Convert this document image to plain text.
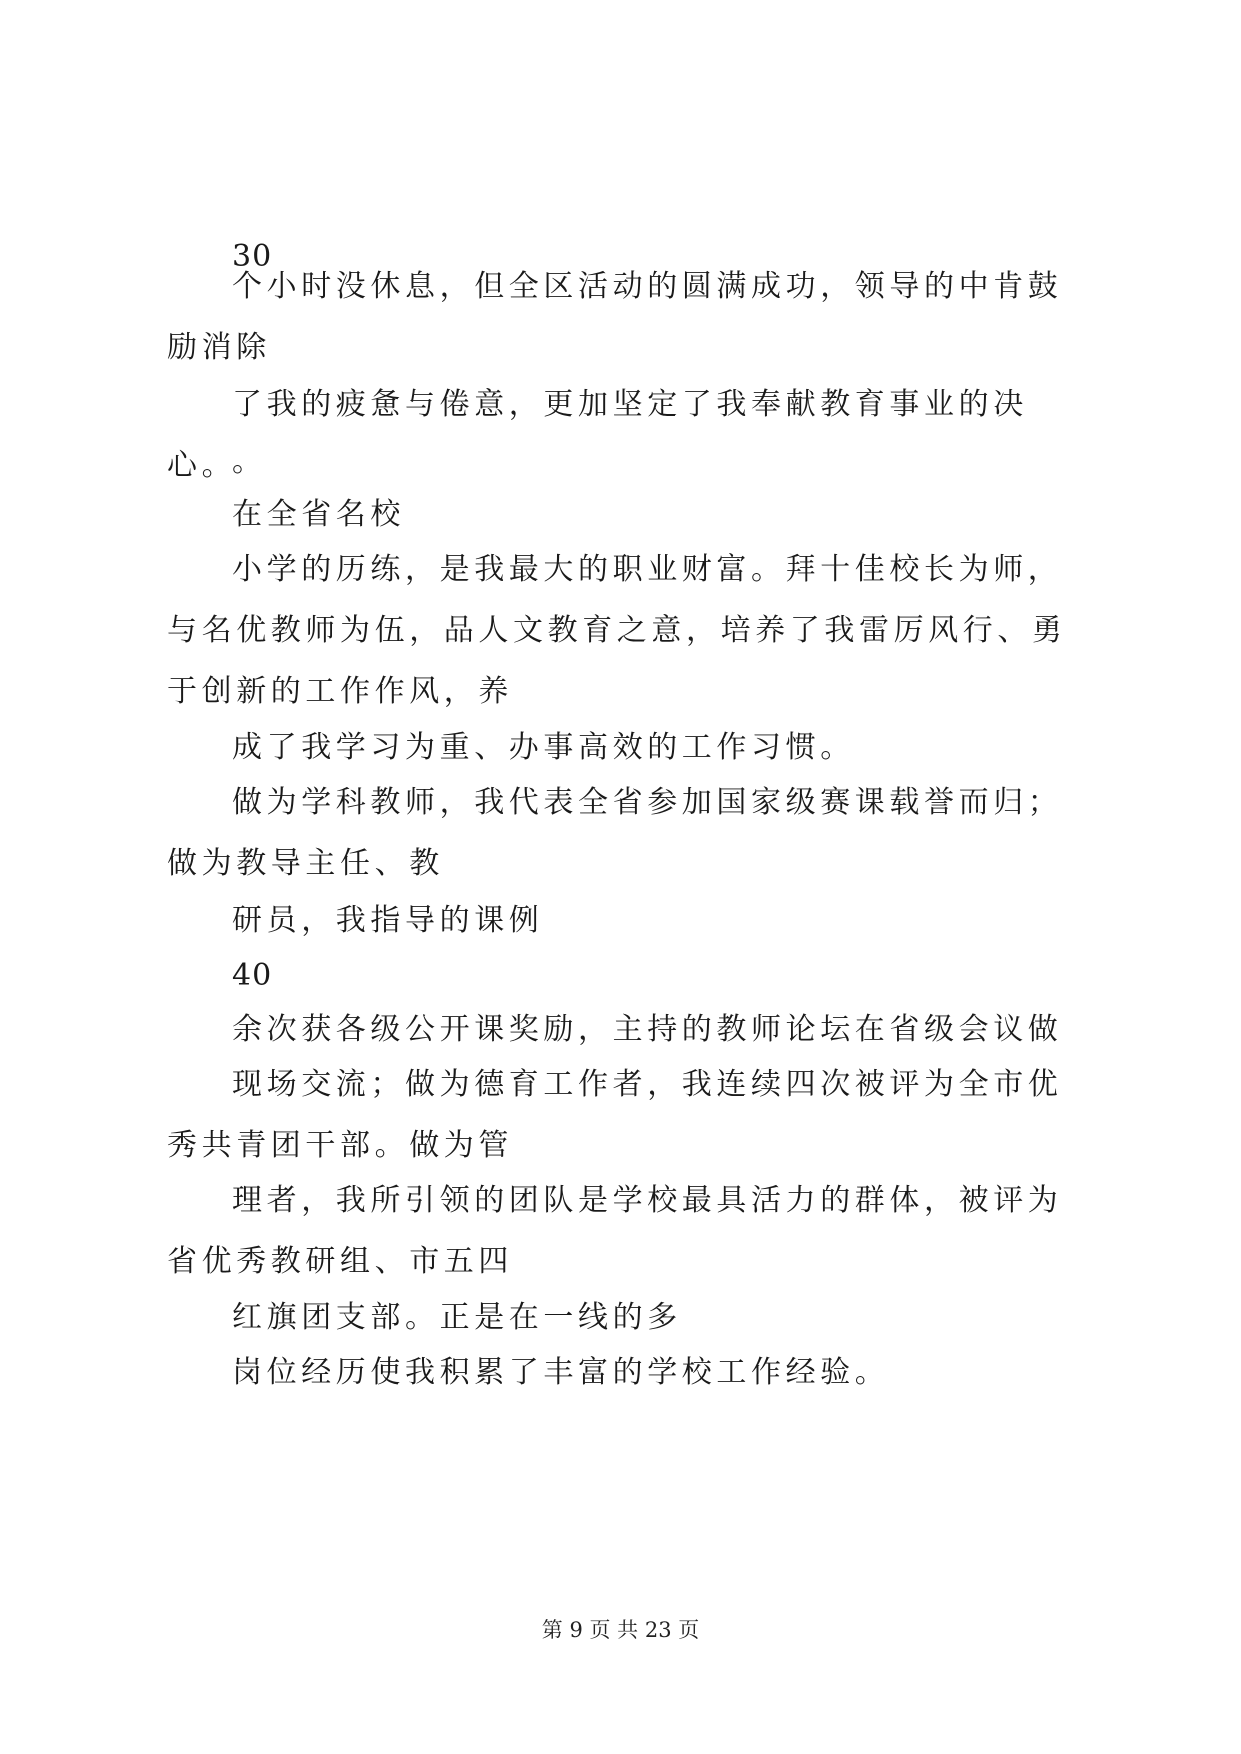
30

个小时没休息，但全区活动的圆满成功，领导的中肯鼓励消除

了我的疲惫与倦意，更加坚定了我奉献教育事业的决心。

。

在全省名校

小学的历练，是我最大的职业财富。拜十佳校长为师，与名优教师为伍，品人文教育之意，培养了我雷厉风行、勇于创新的工作作风，养

成了我学习为重、办事高效的工作习惯。

做为学科教师，我代表全省参加国家级赛课载誉而归；做为教导主任、教

研员，我指导的课例

40

余次获各级公开课奖励，主持的教师论坛在省级会议做

现场交流；做为德育工作者，我连续四次被评为全市优秀共青团干部。做为管

理者，我所引领的团队是学校最具活力的群体，被评为省优秀教研组、市五四

红旗团支部。正是在一线的多

岗位经历使我积累了丰富的学校工作经验。

第 9 页 共 23 页
